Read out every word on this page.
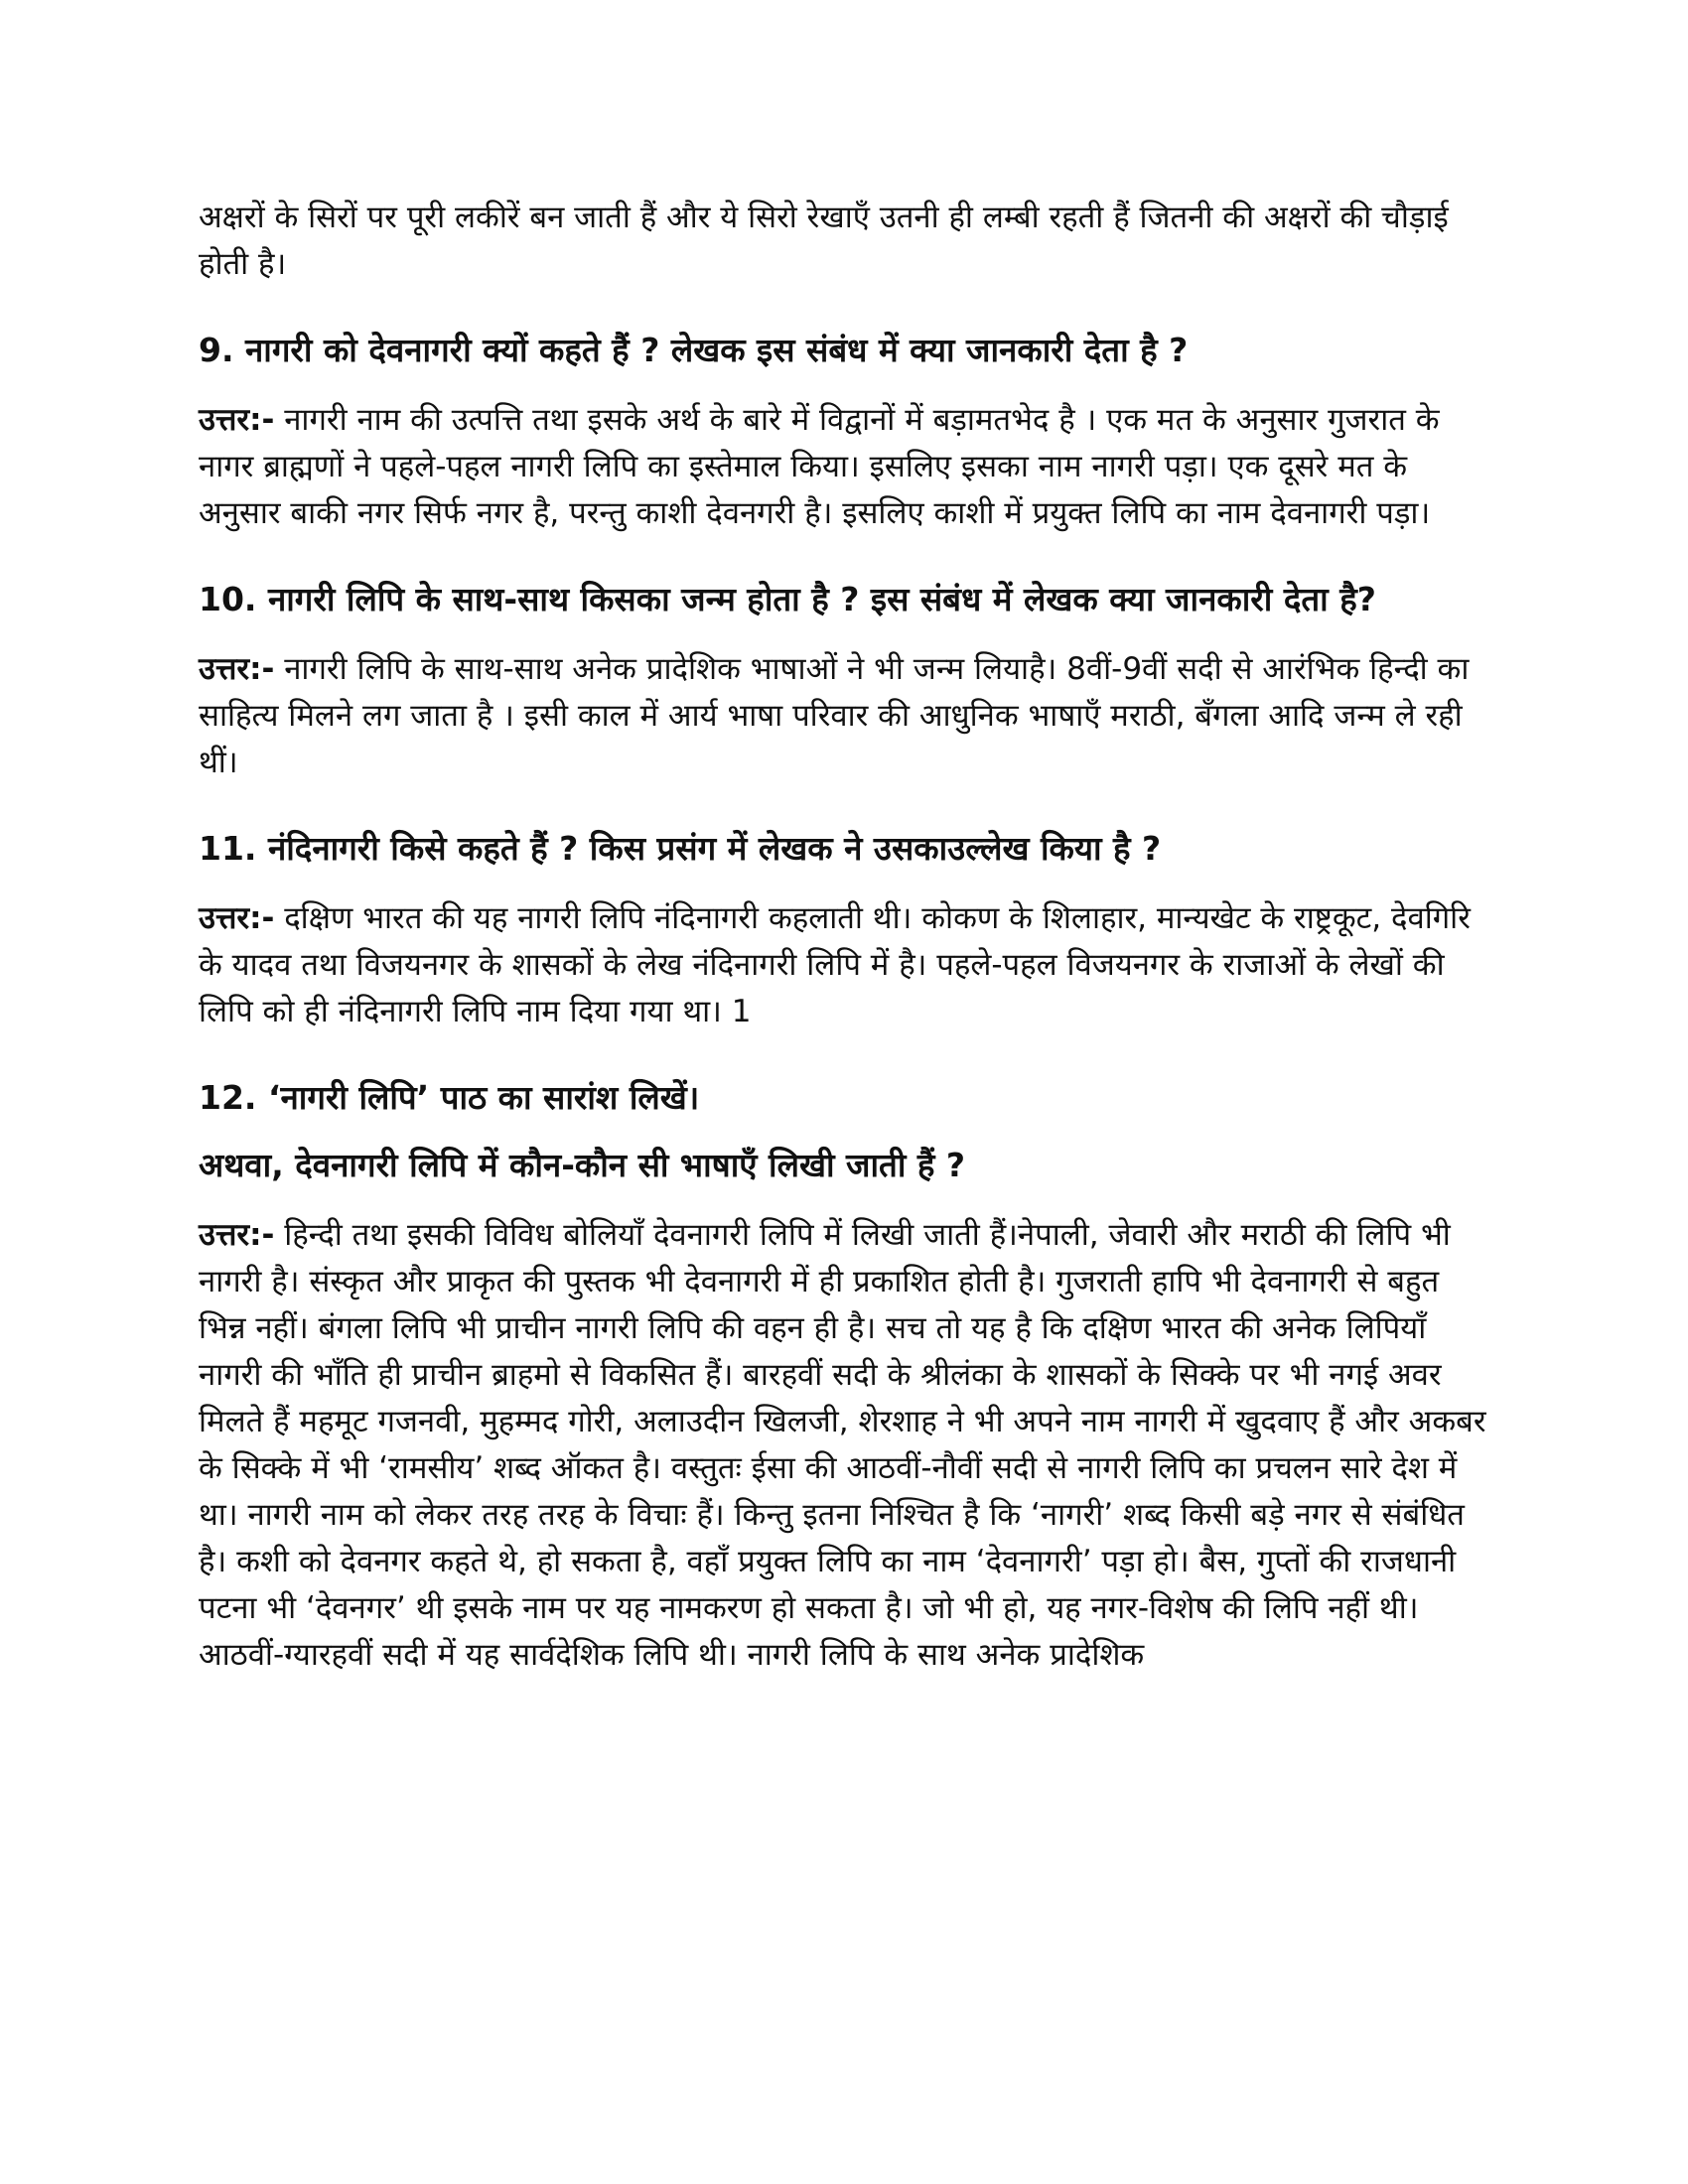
अक्षरों के सिरों पर पूरी लकीरें बन जाती हैं और ये सिरो रेखाएँ उतनी ही लम्बी रहती हैं जितनी की अक्षरों की चौड़ाई होती है।

9. नागरी को देवनागरी क्यों कहते हैं ? लेखक इस संबंध में क्या जानकारी देता है ?

उत्तर:- नागरी नाम की उत्पत्ति तथा इसके अर्थ के बारे में विद्वानों में बड़ामतभेद है । एक मत के अनुसार गुजरात के नागर ब्राह्मणों ने पहले-पहल नागरी लिपि का इस्तेमाल किया। इसलिए इसका नाम नागरी पड़ा। एक दूसरे मत के अनुसार बाकी नगर सिर्फ नगर है, परन्तु काशी देवनगरी है। इसलिए काशी में प्रयुक्त लिपि का नाम देवनागरी पड़ा।

10. नागरी लिपि के साथ-साथ किसका जन्म होता है ? इस संबंध में लेखक क्या जानकारी देता है?

उत्तर:- नागरी लिपि के साथ-साथ अनेक प्रादेशिक भाषाओं ने भी जन्म लियाहै। 8वीं-9वीं सदी से आरंभिक हिन्दी का साहित्य मिलने लग जाता है । इसी काल में आर्य भाषा परिवार की आधुनिक भाषाएँ मराठी, बँगला आदि जन्म ले रही थीं।

11. नंदिनागरी किसे कहते हैं ? किस प्रसंग में लेखक ने उसकाउल्लेख किया है ?

उत्तर:- दक्षिण भारत की यह नागरी लिपि नंदिनागरी कहलाती थी। कोकण के शिलाहार, मान्यखेट के राष्ट्रकूट, देवगिरि के यादव तथा विजयनगर के शासकों के लेख नंदिनागरी लिपि में है। पहले-पहल विजयनगर के राजाओं के लेखों की लिपि को ही नंदिनागरी लिपि नाम दिया गया था। 1

12. ‘नागरी लिपि’ पाठ का सारांश लिखें।

अथवा, देवनागरी लिपि में कौन-कौन सी भाषाएँ लिखी जाती हैं ?

उत्तर:- हिन्दी तथा इसकी विविध बोलियाँ देवनागरी लिपि में लिखी जाती हैं।नेपाली, जेवारी और मराठी की लिपि भी नागरी है। संस्कृत और प्राकृत की पुस्तक भी देवनागरी में ही प्रकाशित होती है। गुजराती हापि भी देवनागरी से बहुत भिन्न नहीं। बंगला लिपि भी प्राचीन नागरी लिपि की वहन ही है। सच तो यह है कि दक्षिण भारत की अनेक लिपियाँ नागरी की भाँति ही प्राचीन ब्राहमो से विकसित हैं। बारहवीं सदी के श्रीलंका के शासकों के सिक्के पर भी नगई अवर मिलते हैं महमूट गजनवी, मुहम्मद गोरी, अलाउदीन खिलजी, शेरशाह ने भी अपने नाम नागरी में खुदवाए हैं और अकबर के सिक्के में भी ‘रामसीय’ शब्द ऑकत है। वस्तुतः ईसा की आठवीं-नौवीं सदी से नागरी लिपि का प्रचलन सारे देश में था। नागरी नाम को लेकर तरह तरह के विचाः हैं। किन्तु इतना निश्चित है कि ‘नागरी’ शब्द किसी बड़े नगर से संबंधित है। कशी को देवनगर कहते थे, हो सकता है, वहाँ प्रयुक्त लिपि का नाम ‘देवनागरी’ पड़ा हो। बैस, गुप्तों की राजधानी पटना भी ‘देवनगर’ थी इसके नाम पर यह नामकरण हो सकता है। जो भी हो, यह नगर-विशेष की लिपि नहीं थी। आठवीं-ग्यारहवीं सदी में यह सार्वदेशिक लिपि थी। नागरी लिपि के साथ अनेक प्रादेशिक
